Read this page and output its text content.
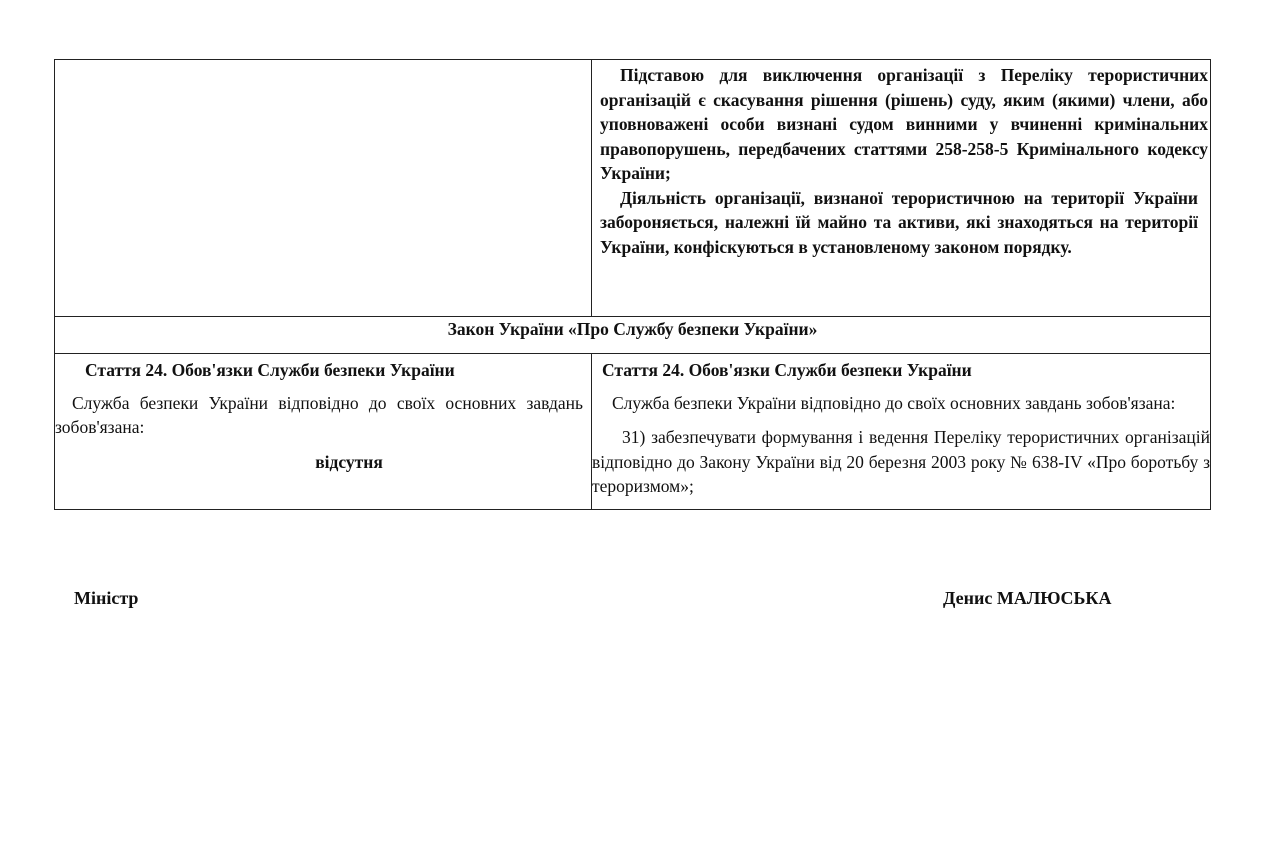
Підставою для виключення організації з Переліку терористичних організацій є скасування рішення (рішень) суду, яким (якими) члени, або уповноважені особи визнані судом винними у вчиненні кримінальних правопорушень, передбачених статтями 258-258-5 Кримінального кодексу України;

Діяльність організації, визнаної терористичною на території України забороняється, належні їй майно та активи, які знаходяться на території України, конфіскуються в установленому законом порядку.

Закон України «Про Службу безпеки України»

Стаття 24. Обов'язки Служби безпеки України

Служба безпеки України відповідно до своїх основних завдань зобов'язана:

відсутня

Стаття 24. Обов'язки Служби безпеки України

Служба безпеки України відповідно до своїх основних завдань зобов'язана:

31) забезпечувати формування і ведення Переліку терористичних організацій відповідно до Закону України від 20 березня 2003 року № 638-IV «Про боротьбу з тероризмом»;

Міністр	Денис МАЛЮСЬКА
